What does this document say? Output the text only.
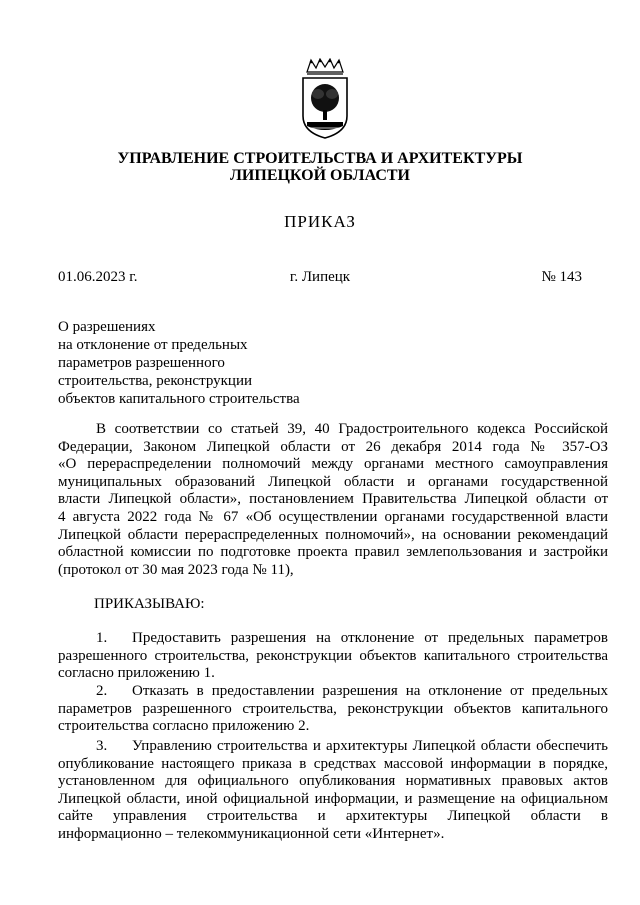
УПРАВЛЕНИЕ СТРОИТЕЛЬСТВА И АРХИТЕКТУРЫ
ЛИПЕЦКОЙ ОБЛАСТИ
ПРИКАЗ
01.06.2023 г.	г. Липецк	№ 143
О разрешениях
на отклонение от предельных
параметров разрешенного
строительства, реконструкции
объектов капитального строительства
В соответствии со статьей 39, 40 Градостроительного кодекса Российской
Федерации, Законом Липецкой области от 26 декабря 2014 года № 357-ОЗ
«О перераспределении полномочий между органами местного самоуправления
муниципальных образований Липецкой области и органами государственной
власти Липецкой области», постановлением Правительства Липецкой области от
4 августа 2022 года № 67 «Об осуществлении органами государственной власти
Липецкой области перераспределенных полномочий», на основании рекомендаций
областной комиссии по подготовке проекта правил землепользования и застройки
(протокол от 30 мая 2023 года № 11),
ПРИКАЗЫВАЮ:
1. Предоставить разрешения на отклонение от предельных параметров
разрешенного строительства, реконструкции объектов капитального строительства
согласно приложению 1.
2. Отказать в предоставлении разрешения на отклонение от предельных
параметров разрешенного строительства, реконструкции объектов капитального
строительства согласно приложению 2.
3. Управлению строительства и архитектуры Липецкой области обеспечить
опубликование настоящего приказа в средствах массовой информации в порядке,
установленном для официального опубликования нормативных правовых актов
Липецкой области, иной официальной информации, и размещение на официальном
сайте управления строительства и архитектуры Липецкой области в
информационно – телекоммуникационной сети «Интернет».
